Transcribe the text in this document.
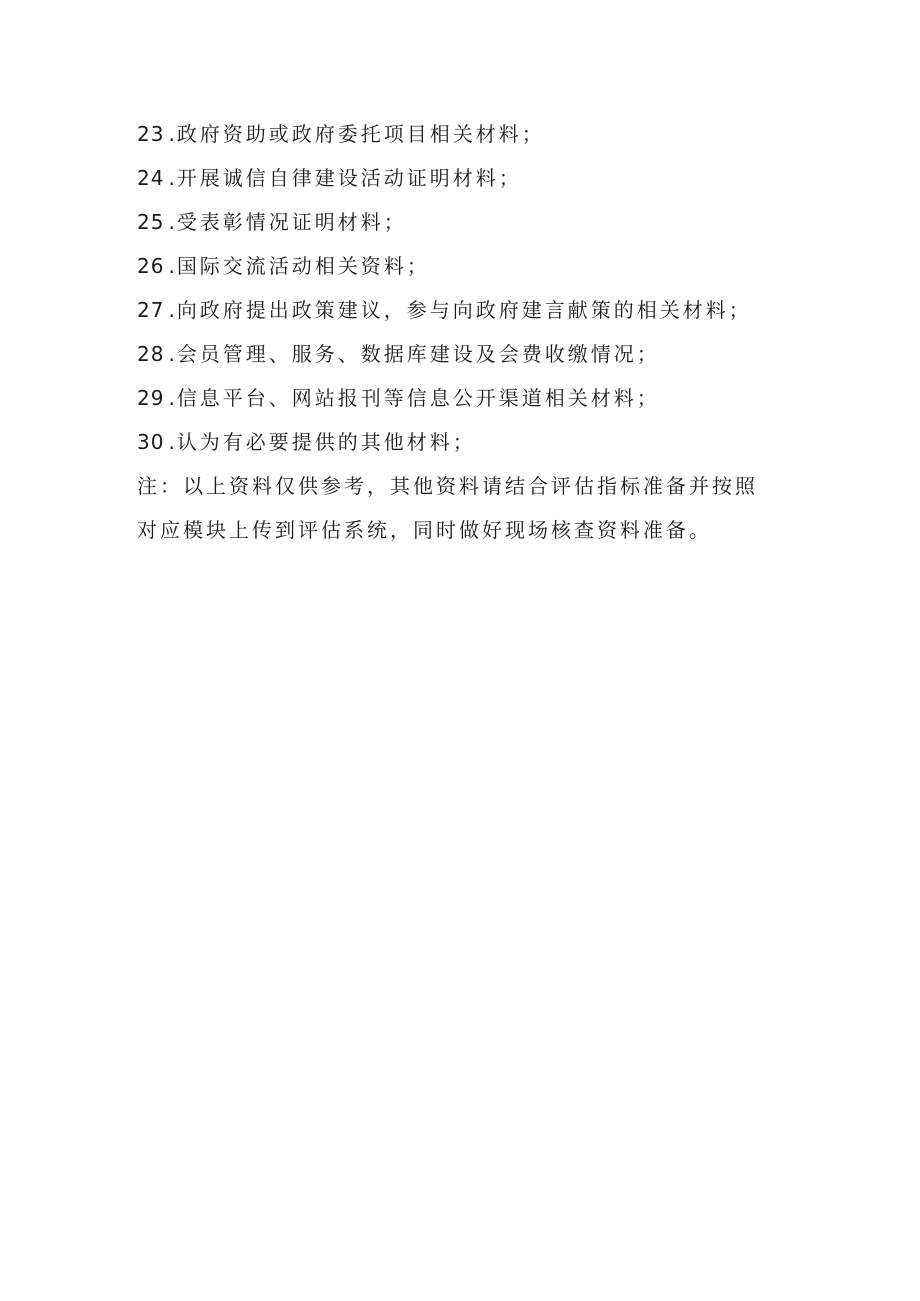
23 . 政府资助或政府委托项目相关材料；
24 . 开展诚信自律建设活动证明材料；
25 . 受表彰情况证明材料；
26 . 国际交流活动相关资料；
27 . 向政府提出政策建议，参与向政府建言献策的相关材料；
28 . 会员管理、服务、数据库建设及会费收缴情况；
29 . 信息平台、网站报刊等信息公开渠道相关材料；
30 . 认为有必要提供的其他材料；
注：以上资料仅供参考，其他资料请结合评估指标准备并按照
对应模块上传到评估系统，同时做好现场核查资料准备。
